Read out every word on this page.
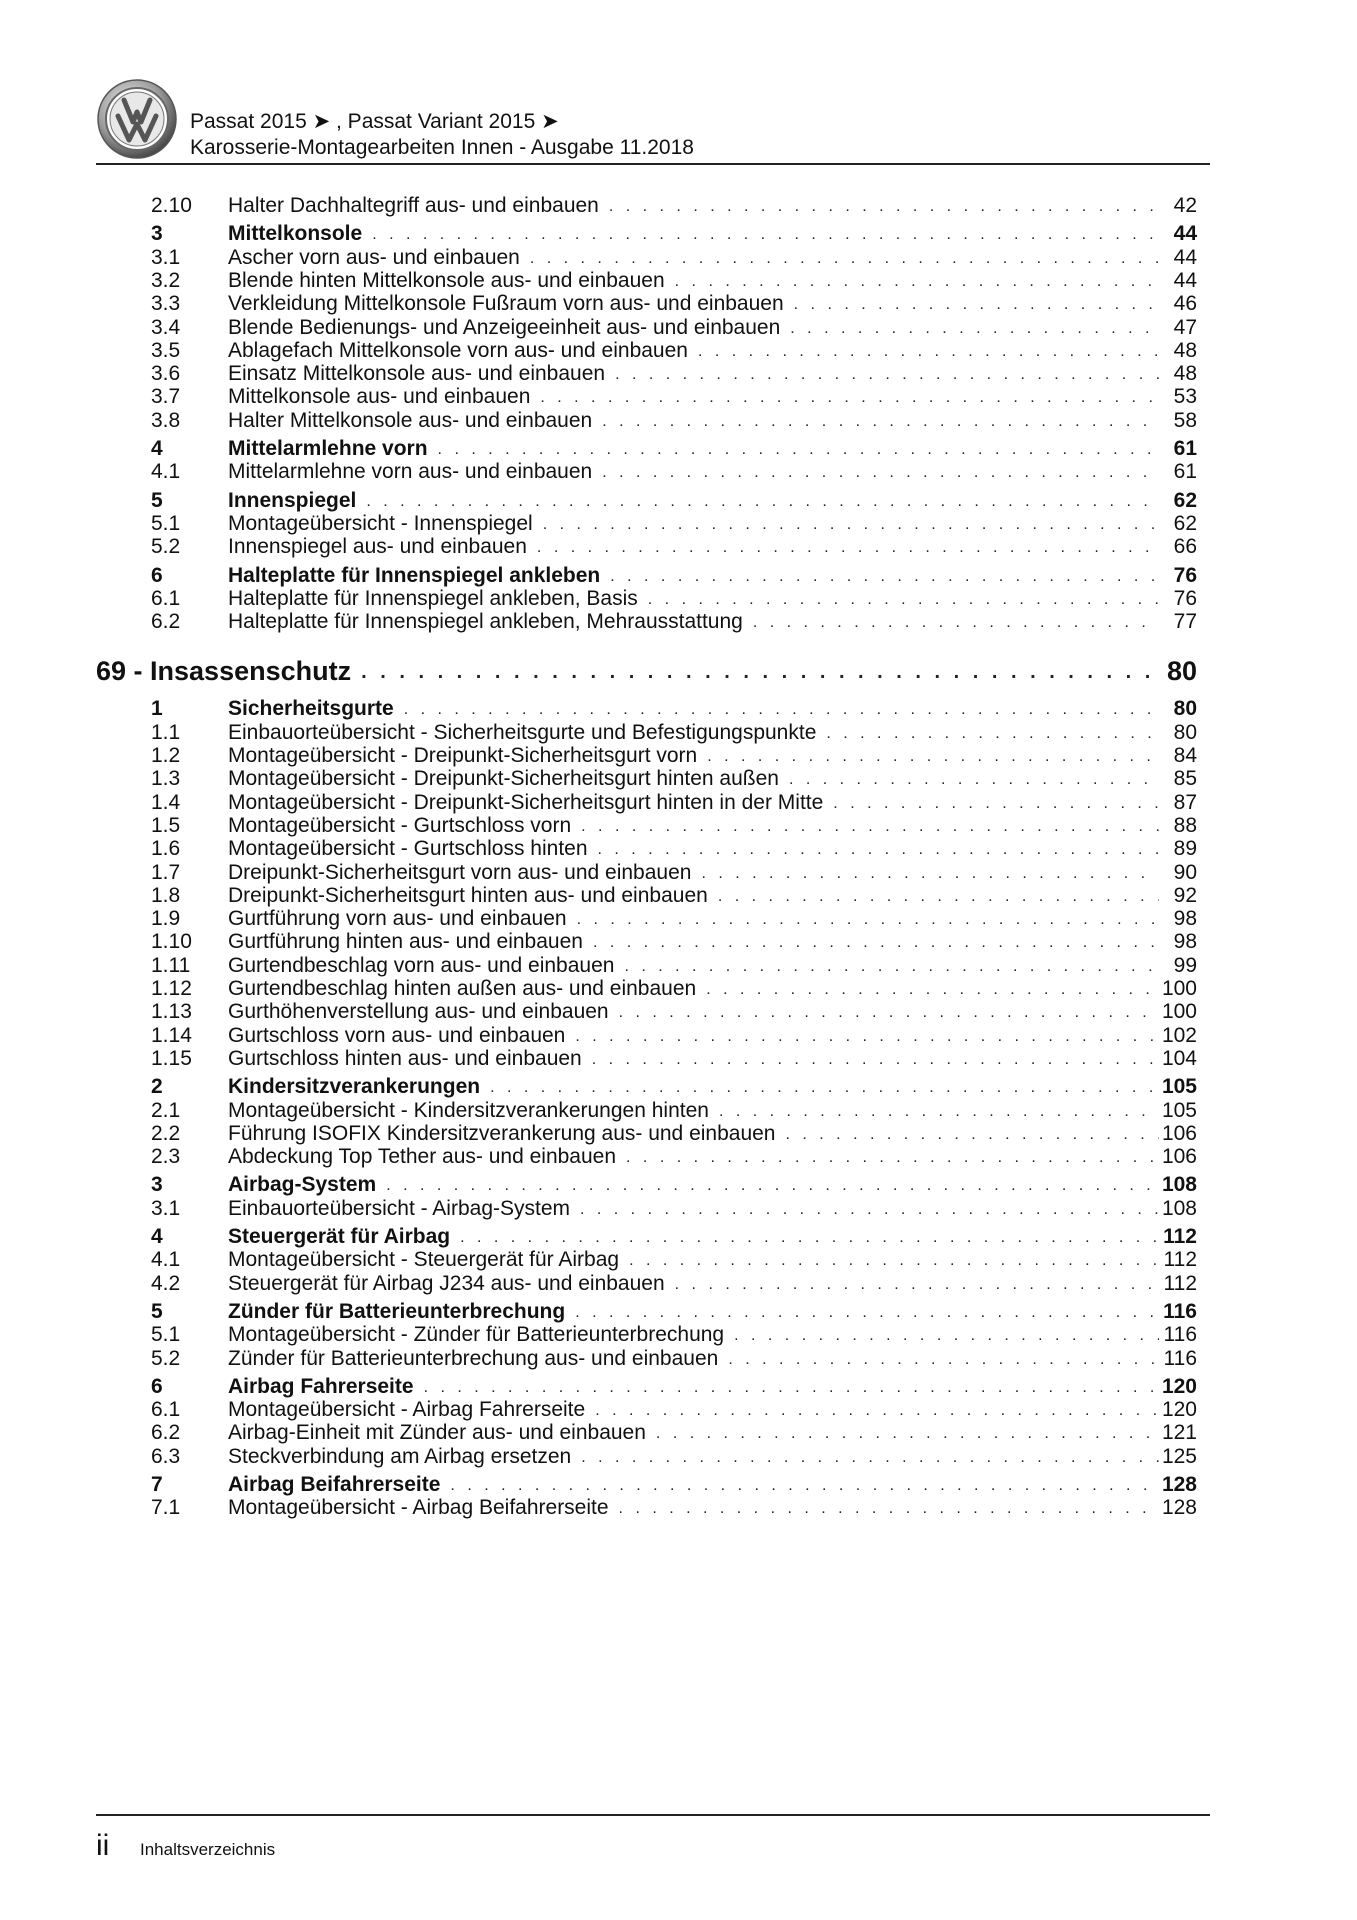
Passat 2015 ➤ , Passat Variant 2015 ➤
Karosserie-Montagearbeiten Innen - Ausgabe 11.2018
2.10 Halter Dachhaltegriff aus- und einbauen . . .	42
3	Mittelkonsole . . .	44
3.1 Ascher vorn aus- und einbauen . . .	44
3.2 Blende hinten Mittelkonsole aus- und einbauen . . .	44
3.3 Verkleidung Mittelkonsole Fußraum vorn aus- und einbauen . . .	46
3.4 Blende Bedienungs- und Anzeigeeinheit aus- und einbauen . . .	47
3.5 Ablagefach Mittelkonsole vorn aus- und einbauen . . .	48
3.6 Einsatz Mittelkonsole aus- und einbauen . . .	48
3.7 Mittelkonsole aus- und einbauen . . .	53
3.8 Halter Mittelkonsole aus- und einbauen . . .	58
4	Mittelarmlehne vorn . . .	61
4.1 Mittelarmlehne vorn aus- und einbauen . . .	61
5	Innenspiegel . . .	62
5.1 Montageübersicht - Innenspiegel . . .	62
5.2 Innenspiegel aus- und einbauen . . .	66
6	Halteplatte für Innenspiegel ankleben . . .	76
6.1 Halteplatte für Innenspiegel ankleben, Basis . . .	76
6.2 Halteplatte für Innenspiegel ankleben, Mehrausstattung . . .	77
69 - Insassenschutz . . .	80
1	Sicherheitsgurte . . .	80
1.1 Einbauorteübersicht - Sicherheitsgurte und Befestigungspunkte . . .	80
1.2 Montageübersicht - Dreipunkt-Sicherheitsgurt vorn . . .	84
1.3 Montageübersicht - Dreipunkt-Sicherheitsgurt hinten außen . . .	85
1.4 Montageübersicht - Dreipunkt-Sicherheitsgurt hinten in der Mitte . . .	87
1.5 Montageübersicht - Gurtschloss vorn . . .	88
1.6 Montageübersicht - Gurtschloss hinten . . .	89
1.7 Dreipunkt-Sicherheitsgurt vorn aus- und einbauen . . .	90
1.8 Dreipunkt-Sicherheitsgurt hinten aus- und einbauen . . .	92
1.9 Gurtführung vorn aus- und einbauen . . .	98
1.10 Gurtführung hinten aus- und einbauen . . .	98
1.11 Gurtendbeschlag vorn aus- und einbauen . . .	99
1.12 Gurtendbeschlag hinten außen aus- und einbauen . . .	100
1.13 Gurthöhenverstellung aus- und einbauen . . .	100
1.14 Gurtschloss vorn aus- und einbauen . . .	102
1.15 Gurtschloss hinten aus- und einbauen . . .	104
2	Kindersitzverankerungen . . .	105
2.1 Montageübersicht - Kindersitzverankerungen hinten . . .	105
2.2 Führung ISOFIX Kindersitzverankerung aus- und einbauen . . .	106
2.3 Abdeckung Top Tether aus- und einbauen . . .	106
3	Airbag-System . . .	108
3.1 Einbauorteübersicht - Airbag-System . . .	108
4	Steuergerät für Airbag . . .	112
4.1 Montageübersicht - Steuergerät für Airbag . . .	112
4.2 Steuergerät für Airbag J234 aus- und einbauen . . .	112
5	Zünder für Batterieunterbrechung . . .	116
5.1 Montageübersicht - Zünder für Batterieunterbrechung . . .	116
5.2 Zünder für Batterieunterbrechung aus- und einbauen . . .	116
6	Airbag Fahrerseite . . .	120
6.1 Montageübersicht - Airbag Fahrerseite . . .	120
6.2 Airbag-Einheit mit Zünder aus- und einbauen . . .	121
6.3 Steckverbindung am Airbag ersetzen . . .	125
7	Airbag Beifahrerseite . . .	128
7.1 Montageübersicht - Airbag Beifahrerseite . . .	128
ii Inhaltsverzeichnis
